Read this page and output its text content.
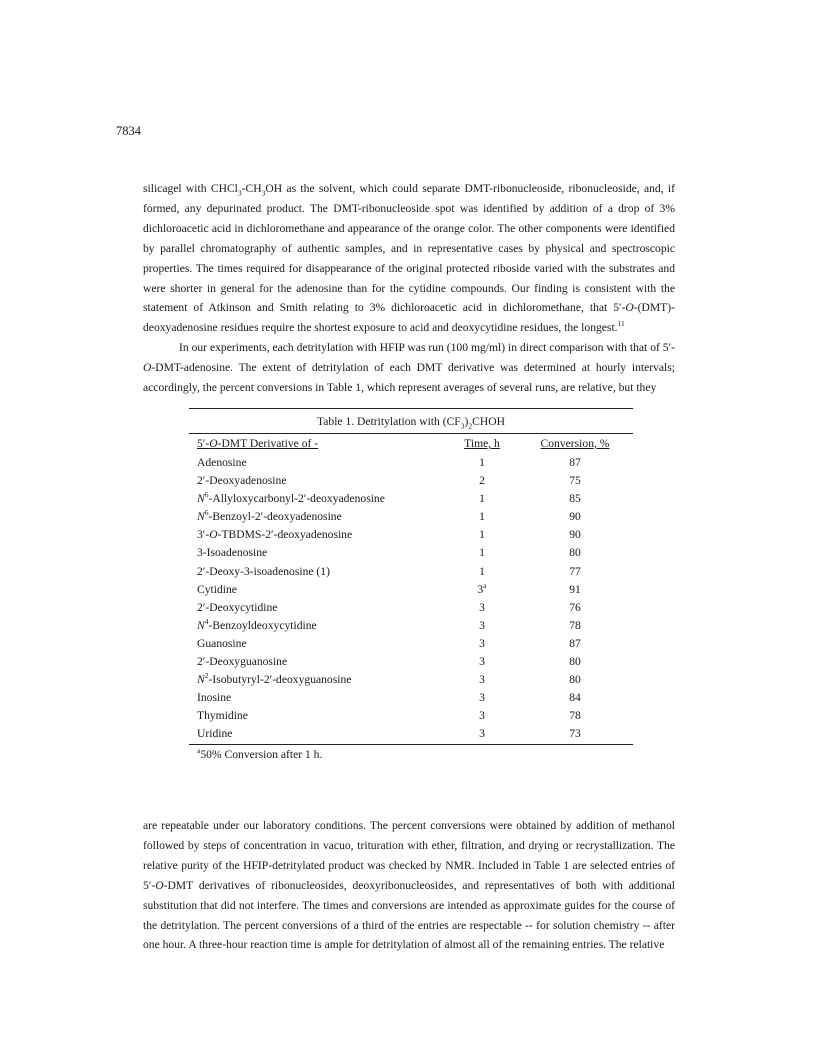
7834

silicagel with $CHCl_3-CH_3OH$ as the solvent, which could separate DMT-ribonucleoside, ribonucleoside, and, if formed, any depurinated product. The DMT-ribonucleoside spot was identified by addition of a drop of 3% dichloroacetic acid in dichloromethane and appearance of the orange color. The other components were identified by parallel chromatography of authentic samples, and in representative cases by physical and spectroscopic properties. The times required for disappearance of the original protected riboside varied with the substrates and were shorter in general for the adenosine than for the cytidine compounds. Our finding is consistent with the statement of Atkinson and Smith relating to 3% dichloroacetic acid in dichloromethane, that 5′-O-(DMT)-deoxyadenosine residues require the shortest exposure to acid and deoxycytidine residues, the longest.$^{11}$

In our experiments, each detritylation with HFIP was run (100 mg/ml) in direct comparison with that of 5′-O-DMT-adenosine. The extent of detritylation of each DMT derivative was determined at hourly intervals; accordingly, the percent conversions in Table 1, which represent averages of several runs, are relative, but they

Table 1. Detritylation with $(CF_3)_2CHOH$
5′-O-DMT Derivative of -	Time, h	Conversion, %
Adenosine	1	87
2′-Deoxyadenosine	2	75
$N^6-Allyloxycarbonyl-2'$-deoxyadenosine	1	85
$N^6-Benzoyl-2'$-deoxyadenosine	1	90
3′-O-TBDMS-2′-deoxyadenosine	1	90
3-Isoadenosine	1	80
2′-Deoxy-3-isoadenosine (1)	1	77
Cytidine	3$^a$	91
2′-Deoxycytidine	3	76
$N^4$-Benzoyldeoxycytidine	3	78
Guanosine	3	87
2′-Deoxyguanosine	3	80
$N^2-Isobutyryl-2'$-deoxyguanosine	3	80
Inosine	3	84
Thymidine	3	78
Uridine	3	73
$^a$50% Conversion after 1 h.

are repeatable under our laboratory conditions. The percent conversions were obtained by addition of methanol followed by steps of concentration in vacuo, trituration with ether, filtration, and drying or recrystallization. The relative purity of the HFIP-detritylated product was checked by NMR. Included in Table 1 are selected entries of 5′-O-DMT derivatives of ribonucleosides, deoxyribonucleosides, and representatives of both with additional substitution that did not interfere. The times and conversions are intended as approximate guides for the course of the detritylation. The percent conversions of a third of the entries are respectable -- for solution chemistry -- after one hour. A three-hour reaction time is ample for detritylation of almost all of the remaining entries. The relative
